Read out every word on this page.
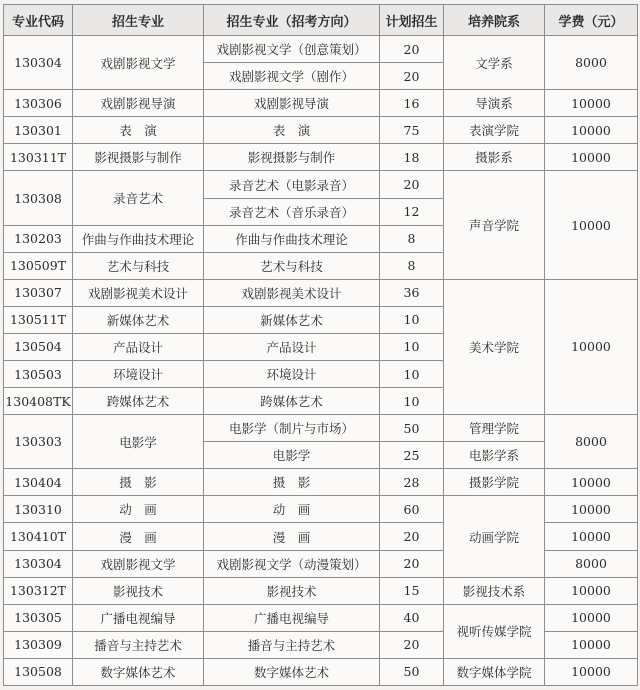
专业代码	招生专业	招生专业（招考方向）	计划招生	培养院系	学费（元）
130304	戏剧影视文学	戏剧影视文学（创意策划）	20	文学系	8000
		戏剧影视文学（剧作）	20		
130306	戏剧影视导演	戏剧影视导演	16	导演系	10000
130301	表　演	表　演	75	表演学院	10000
130311T	影视摄影与制作	影视摄影与制作	18	摄影系	10000
130308	录音艺术	录音艺术（电影录音）	20	声音学院	10000
		录音艺术（音乐录音）	12		
130203	作曲与作曲技术理论	作曲与作曲技术理论	8		
130509T	艺术与科技	艺术与科技	8		
130307	戏剧影视美术设计	戏剧影视美术设计	36	美术学院	10000
130511T	新媒体艺术	新媒体艺术	10		
130504	产品设计	产品设计	10		
130503	环境设计	环境设计	10		
130408TK	跨媒体艺术	跨媒体艺术	10		
130303	电影学	电影学（制片与市场）	50	管理学院	8000
		电影学	25	电影学系	
130404	摄　影	摄　影	28	摄影学院	10000
130310	动　画	动　画	60	动画学院	10000
130410T	漫　画	漫　画	20		10000
130304	戏剧影视文学	戏剧影视文学（动漫策划）	20		8000
130312T	影视技术	影视技术	15	影视技术系	10000
130305	广播电视编导	广播电视编导	40	视听传媒学院	10000
130309	播音与主持艺术	播音与主持艺术	20		10000
130508	数字媒体艺术	数字媒体艺术	50	数字媒体学院	10000
